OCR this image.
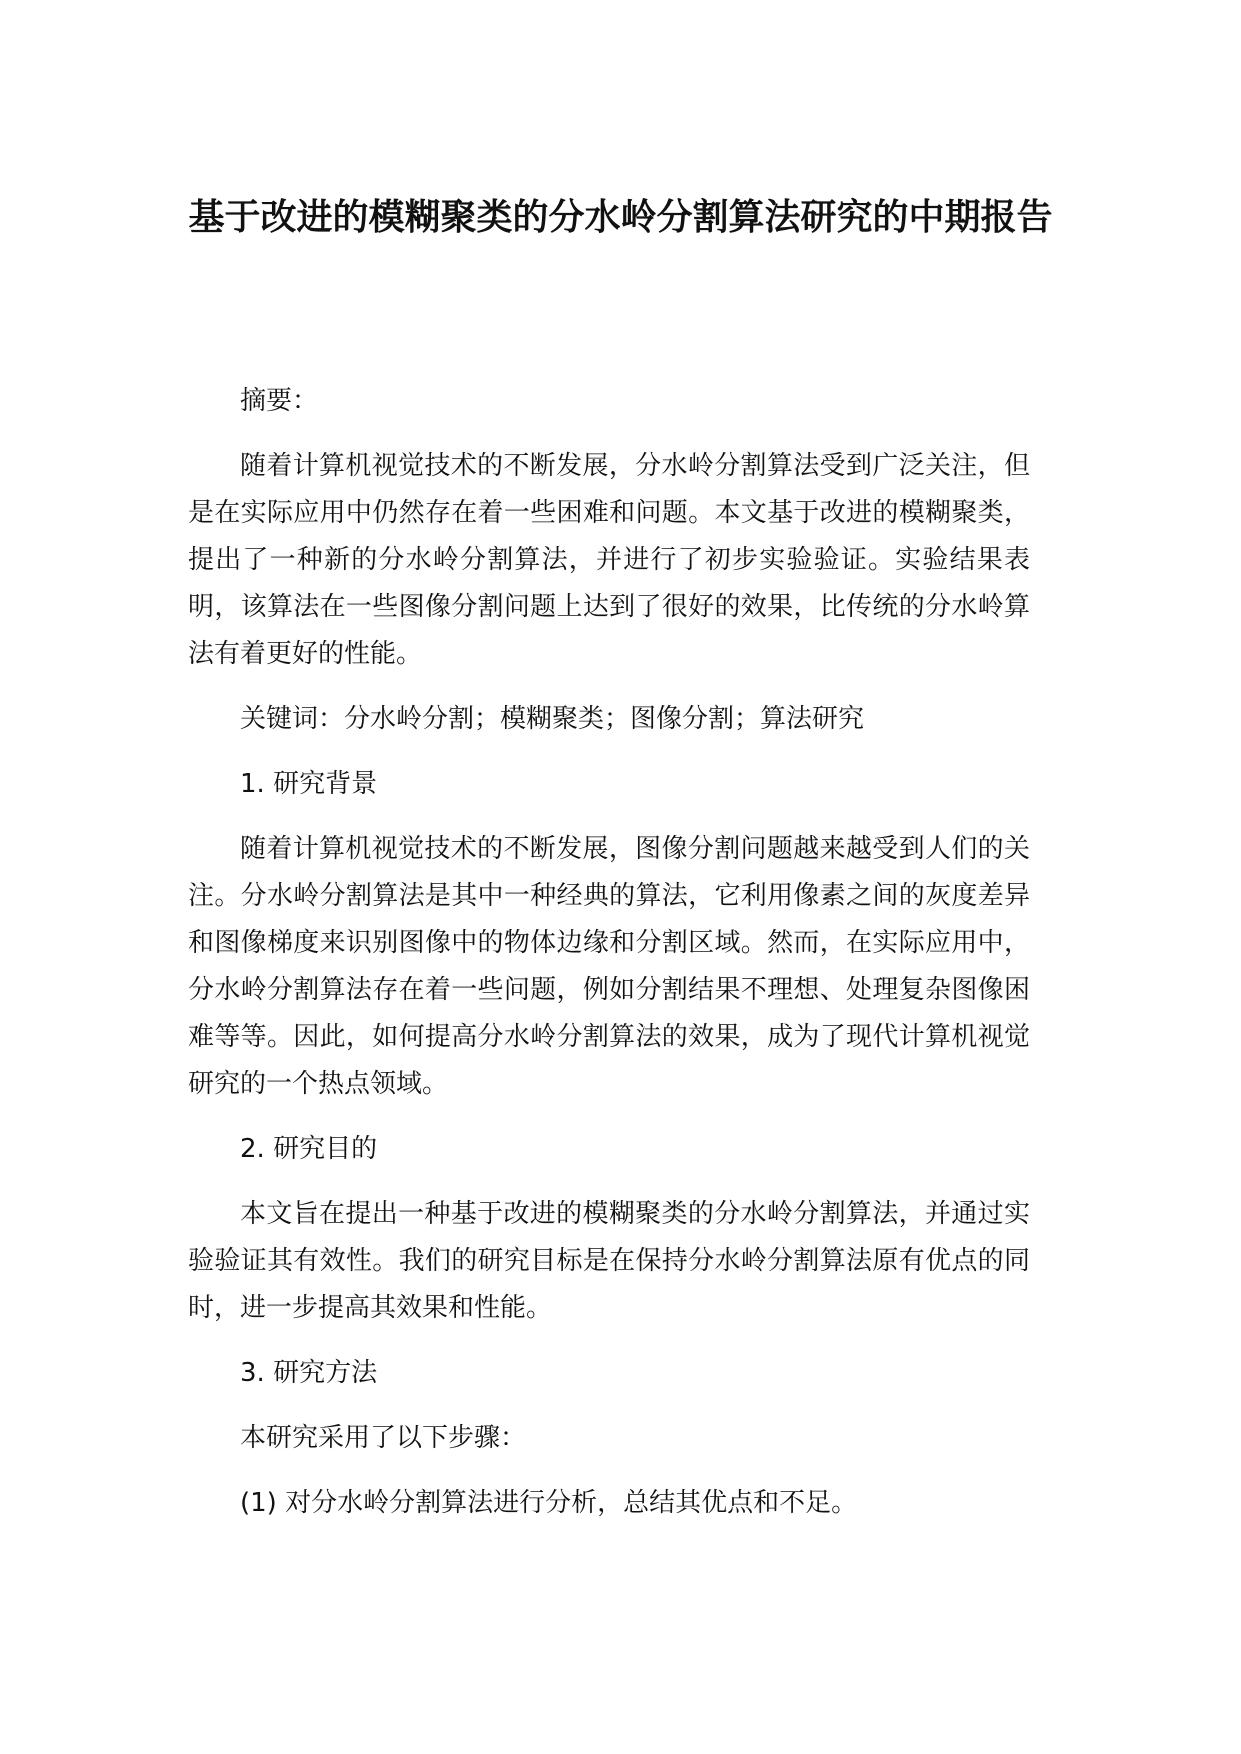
基于改进的模糊聚类的分水岭分割算法研究的中期报告

摘要：

随着计算机视觉技术的不断发展，分水岭分割算法受到广泛关注，但是在实际应用中仍然存在着一些困难和问题。本文基于改进的模糊聚类，提出了一种新的分水岭分割算法，并进行了初步实验验证。实验结果表明，该算法在一些图像分割问题上达到了很好的效果，比传统的分水岭算法有着更好的性能。

关键词：分水岭分割；模糊聚类；图像分割；算法研究

1. 研究背景

随着计算机视觉技术的不断发展，图像分割问题越来越受到人们的关注。分水岭分割算法是其中一种经典的算法，它利用像素之间的灰度差异和图像梯度来识别图像中的物体边缘和分割区域。然而，在实际应用中，分水岭分割算法存在着一些问题，例如分割结果不理想、处理复杂图像困难等等。因此，如何提高分水岭分割算法的效果，成为了现代计算机视觉研究的一个热点领域。

2. 研究目的

本文旨在提出一种基于改进的模糊聚类的分水岭分割算法，并通过实验验证其有效性。我们的研究目标是在保持分水岭分割算法原有优点的同时，进一步提高其效果和性能。

3. 研究方法

本研究采用了以下步骤：

(1) 对分水岭分割算法进行分析，总结其优点和不足。
